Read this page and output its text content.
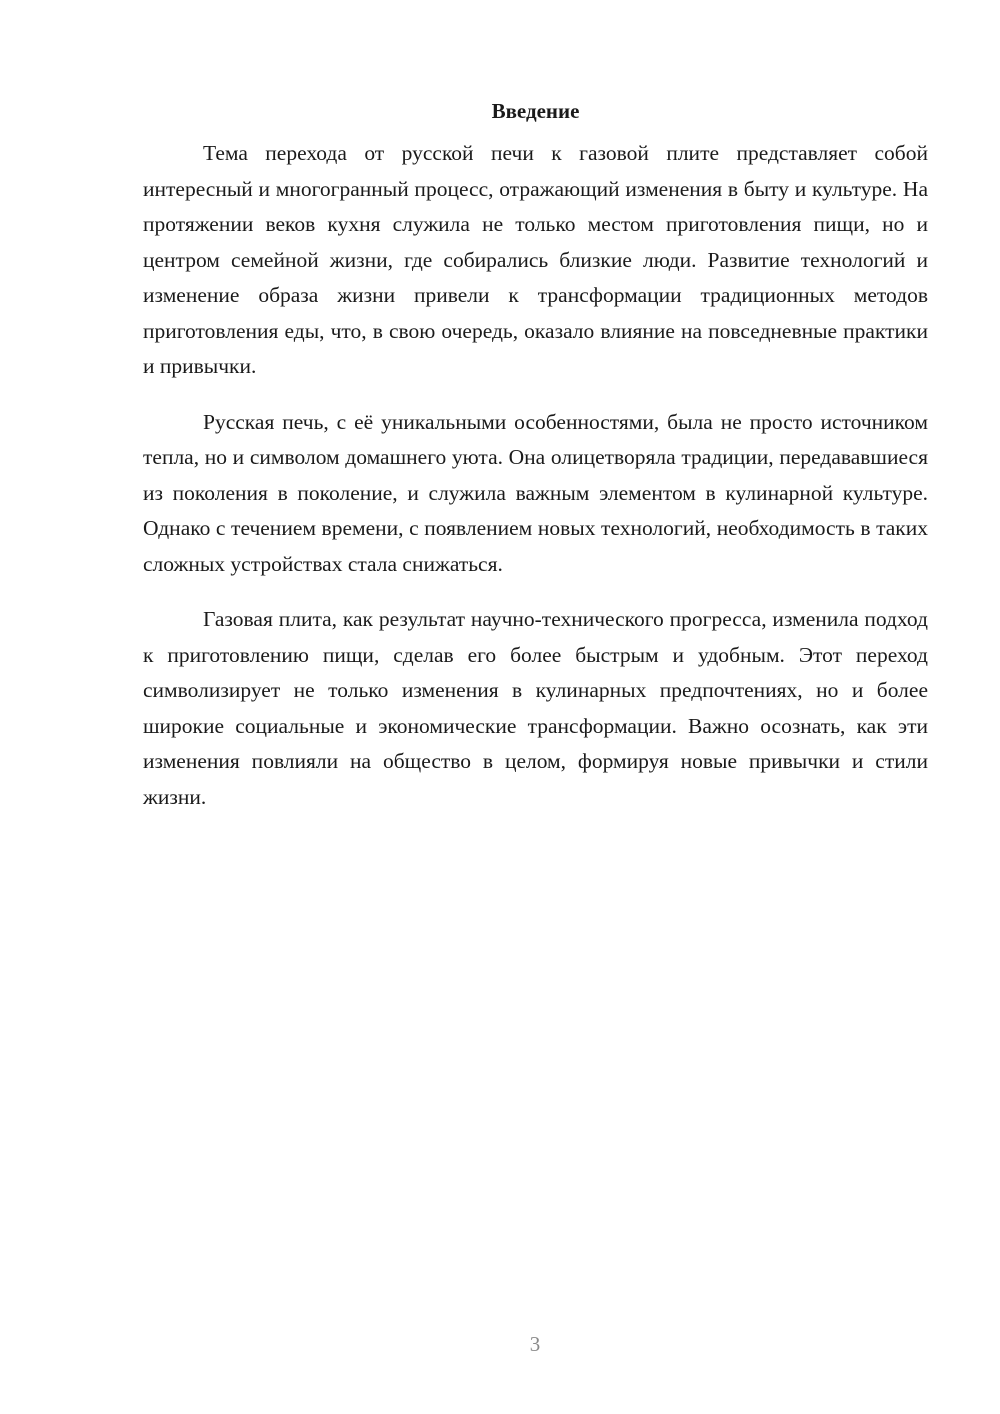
Введение

Тема перехода от русской печи к газовой плите представляет собой интересный и многогранный процесс, отражающий изменения в быту и культуре. На протяжении веков кухня служила не только местом приготовления пищи, но и центром семейной жизни, где собирались близкие люди. Развитие технологий и изменение образа жизни привели к трансформации традиционных методов приготовления еды, что, в свою очередь, оказало влияние на повседневные практики и привычки.

Русская печь, с её уникальными особенностями, была не просто источником тепла, но и символом домашнего уюта. Она олицетворяла традиции, передававшиеся из поколения в поколение, и служила важным элементом в кулинарной культуре. Однако с течением времени, с появлением новых технологий, необходимость в таких сложных устройствах стала снижаться.

Газовая плита, как результат научно-технического прогресса, изменила подход к приготовлению пищи, сделав его более быстрым и удобным. Этот переход символизирует не только изменения в кулинарных предпочтениях, но и более широкие социальные и экономические трансформации. Важно осознать, как эти изменения повлияли на общество в целом, формируя новые привычки и стили жизни.

3
